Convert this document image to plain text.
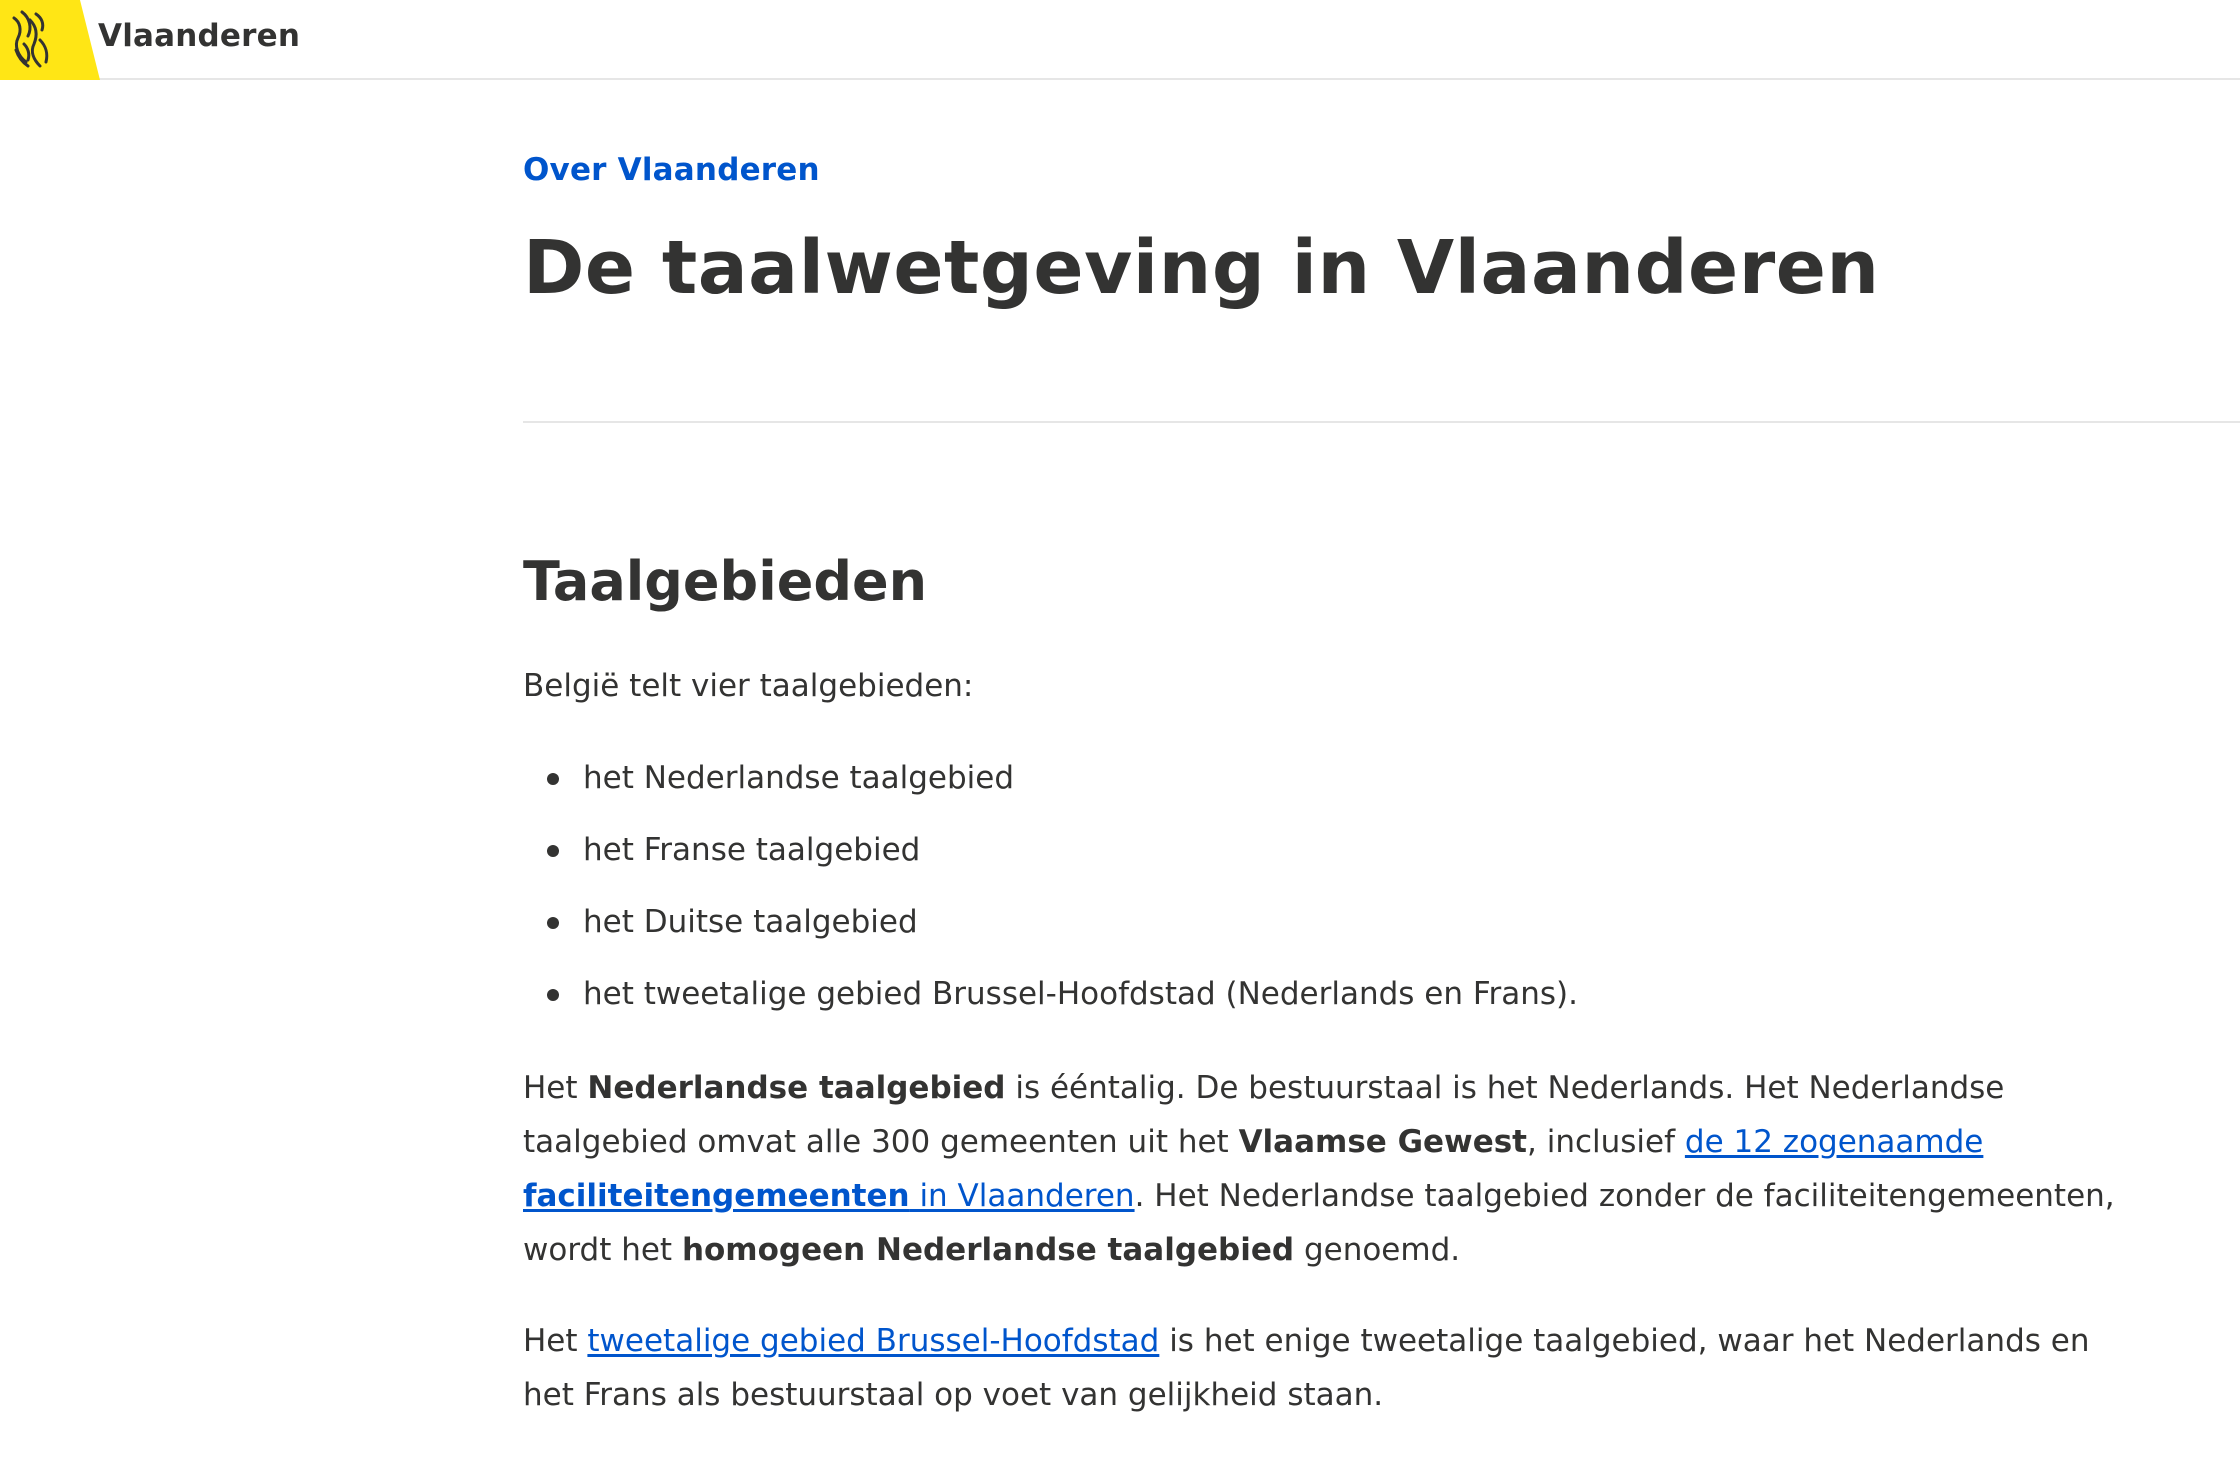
Vlaanderen
Over Vlaanderen
De taalwetgeving in Vlaanderen
Taalgebieden

België telt vier taalgebieden:

het Nederlandse taalgebied
het Franse taalgebied
het Duitse taalgebied
het tweetalige gebied Brussel-Hoofdstad (Nederlands en Frans).

Het Nederlandse taalgebied is ééntalig. De bestuurstaal is het Nederlands. Het Nederlandse taalgebied omvat alle 300 gemeenten uit het Vlaamse Gewest, inclusief de 12 zogenaamde faciliteitengemeenten in Vlaanderen. Het Nederlandse taalgebied zonder de faciliteitengemeenten, wordt het homogeen Nederlandse taalgebied genoemd.

Het tweetalige gebied Brussel-Hoofdstad is het enige tweetalige taalgebied, waar het Nederlands en het Frans als bestuurstaal op voet van gelijkheid staan.
